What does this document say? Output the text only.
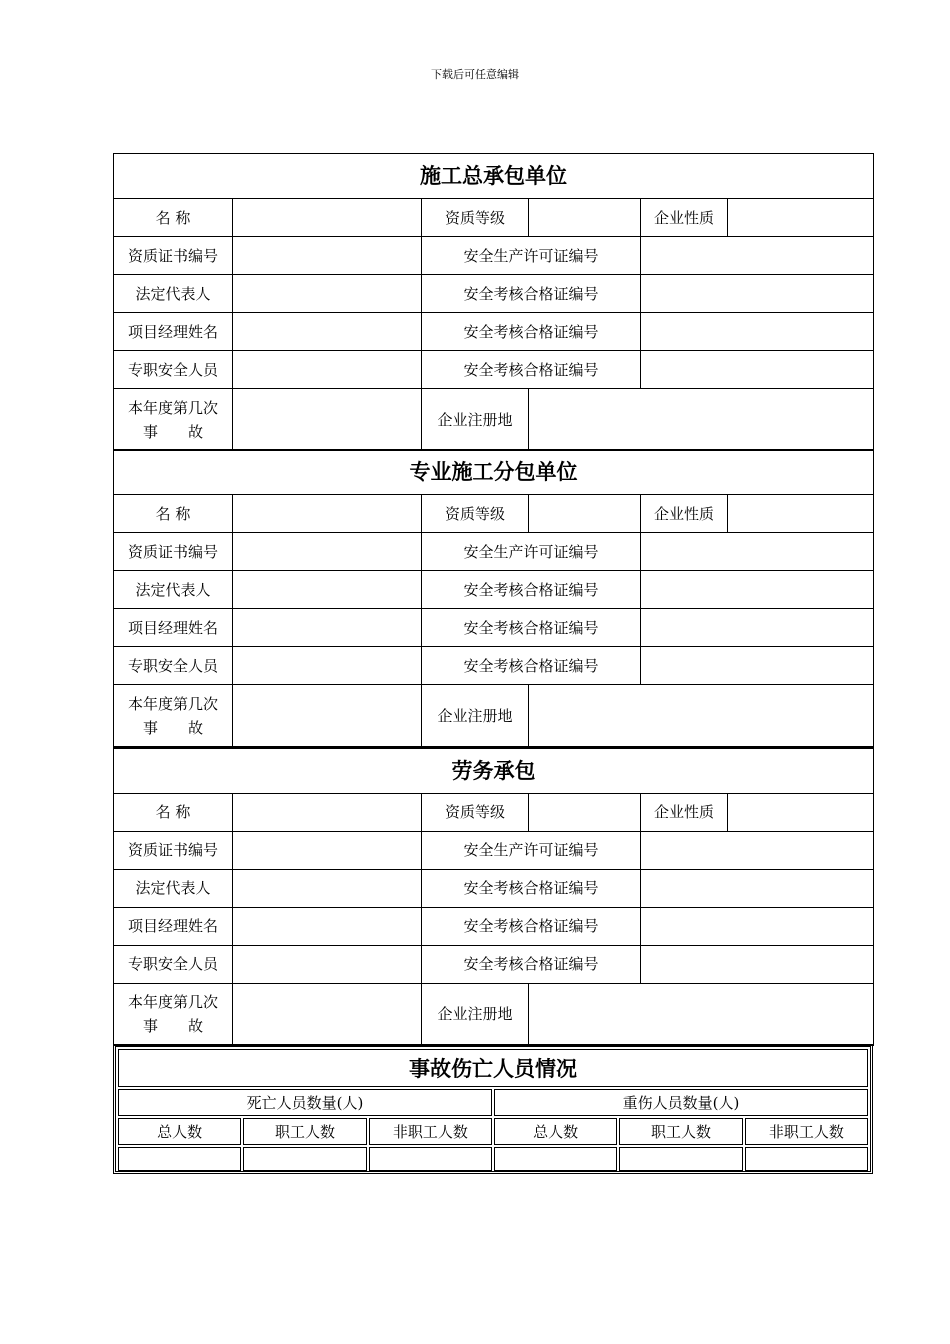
下载后可任意编辑
施工总承包单位					
名 称		资质等级		企业性质	
资质证书编号		安全生产许可证编号			
法定代表人		安全考核合格证编号			
项目经理姓名		安全考核合格证编号			
专职安全人员		安全考核合格证编号			
本年度第几次
事　　故		企业注册地			
专业施工分包单位					
名 称		资质等级		企业性质	
资质证书编号		安全生产许可证编号			
法定代表人		安全考核合格证编号			
项目经理姓名		安全考核合格证编号			
专职安全人员		安全考核合格证编号			
本年度第几次
事　　故		企业注册地			
劳务承包					
名 称		资质等级		企业性质	
资质证书编号		安全生产许可证编号			
法定代表人		安全考核合格证编号			
项目经理姓名		安全考核合格证编号			
专职安全人员		安全考核合格证编号			
本年度第几次
事　　故		企业注册地			
事故伤亡人员情况					
死亡人员数量(人)			重伤人员数量(人)		
总人数	职工人数	非职工人数	总人数	职工人数	非职工人数
